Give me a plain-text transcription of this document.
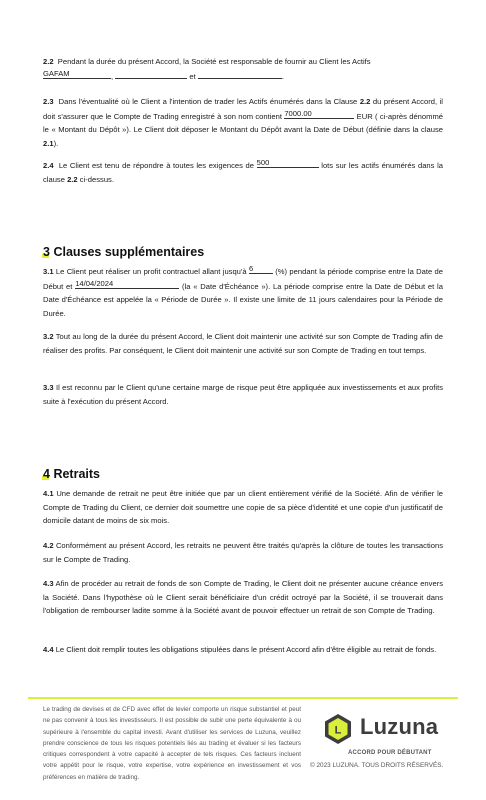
2.2 Pendant la durée du présent Accord, la Société est responsable de fournir au Client les Actifs
GAFAM	,	et	.

2.3 Dans l'éventualité où le Client a l'intention de trader les Actifs énumérés dans la Clause 2.2 du présent Accord, il doit s'assurer que le Compte de Trading enregistré à son nom contient 7000.00	EUR ( ci-après dénommé le « Montant du Dépôt »). Le Client doit déposer le Montant du Dépôt avant la Date de Début (définie dans la clause 2.1).

2.4 Le Client est tenu de répondre à toutes les exigences de 500	lots sur les actifs énumérés dans la clause 2.2 ci-dessus.

3 Clauses supplémentaires

3.1 Le Client peut réaliser un profit contractuel allant jusqu'à 6	(%) pendant la période comprise entre la Date de Début et 14/04/2024	(la « Date d'Échéance »). La période comprise entre la Date de Début et la Date d'Échéance est appelée la « Période de Durée ». Il existe une limite de 11 jours calendaires pour la Période de Durée.

3.2 Tout au long de la durée du présent Accord, le Client doit maintenir une activité sur son Compte de Trading afin de réaliser des profits. Par conséquent, le Client doit maintenir une activité sur son Compte de Trading en tout temps.

3.3 Il est reconnu par le Client qu'une certaine marge de risque peut être appliquée aux investissements et aux profits suite à l'exécution du présent Accord.

4 Retraits

4.1 Une demande de retrait ne peut être initiée que par un client entièrement vérifié de la Société. Afin de vérifier le Compte de Trading du Client, ce dernier doit soumettre une copie de sa pièce d'identité et une copie d'un justificatif de domicile datant de moins de six mois.

4.2 Conformément au présent Accord, les retraits ne peuvent être traités qu'après la clôture de toutes les transactions sur le Compte de Trading.

4.3 Afin de procéder au retrait de fonds de son Compte de Trading, le Client doit ne présenter aucune créance envers la Société. Dans l'hypothèse où le Client serait bénéficiaire d'un crédit octroyé par la Société, il se trouverait dans l'obligation de rembourser ladite somme à la Société avant de pouvoir effectuer un retrait de son Compte de Trading.

4.4 Le Client doit remplir toutes les obligations stipulées dans le présent Accord afin d'être éligible au retrait de fonds.

Le trading de devises et de CFD avec effet de levier comporte un risque substantiel et peut ne pas convenir à tous les investisseurs. Il est possible de subir une perte équivalente à ou supérieure à l'ensemble du capital investi. Avant d'utiliser les services de Luzuna, veuillez prendre conscience de tous les risques potentiels liés au trading et évaluer si les facteurs critiques correspondent à votre capacité à accepter de tels risques. Ces facteurs incluent votre appétit pour le risque, votre expertise, votre expérience en investissement et vos préférences en matière de trading.
L Luzuna
ACCORD POUR DÉBUTANT
© 2023 LUZUNA. TOUS DROITS RÉSERVÉS.
